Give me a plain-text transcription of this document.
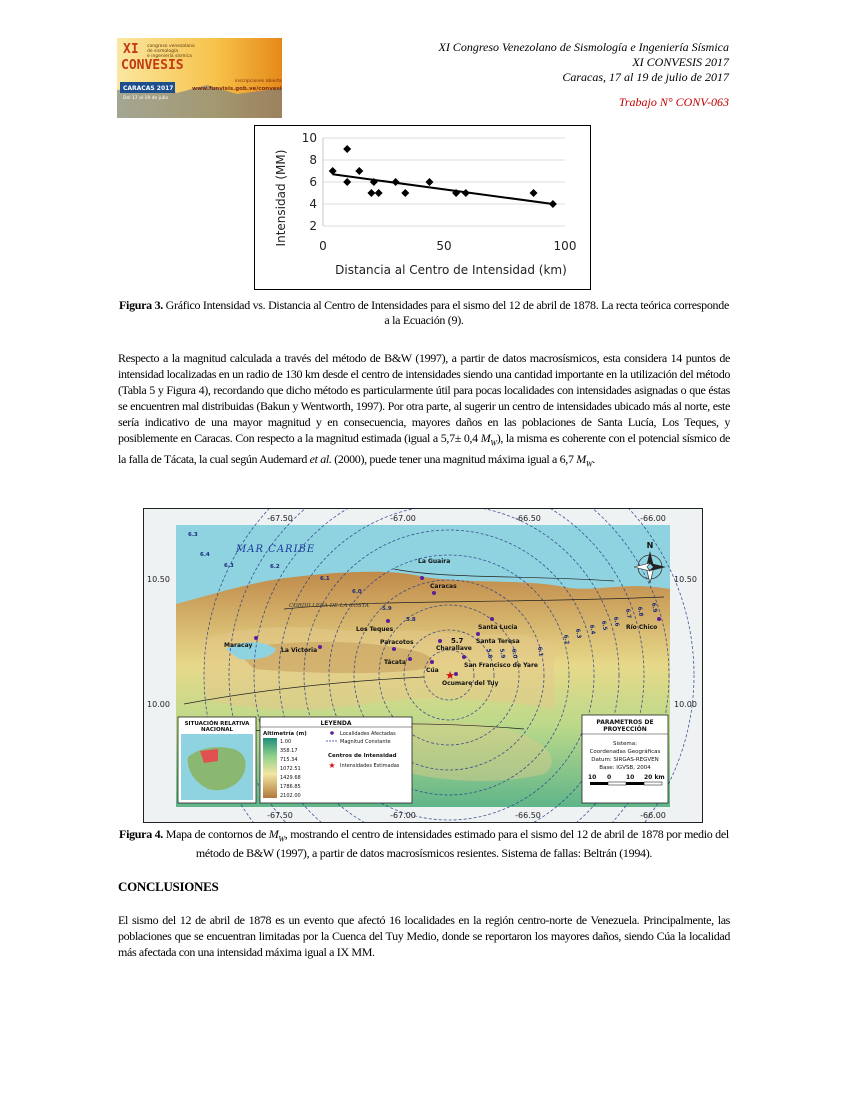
XI
CONVESIS
congreso venezolano
de sismología
e ingeniería sísmica
CARACAS 2017
Del 17 al 19 de julio
inscripciones abiertas
www.funvisis.gob.ve/convesis
XI Congreso Venezolano de Sismología e Ingeniería Sísmica
XI CONVESIS 2017
Caracas, 17 al 19 de julio de 2017
Trabajo N° CONV-063
2
4
6
8
10
0	50	100
Intensidad (MM)
Distancia al Centro de Intensidad (km)
Figura 3. Gráfico Intensidad vs. Distancia al Centro de Intensidades para el sismo del 12 de abril de 1878. La recta teórica corresponde a la Ecuación (9).
Respecto a la magnitud calculada a través del método de B&W (1997), a partir de datos macrosísmicos, esta considera 14 puntos de intensidad localizadas en un radio de 130 km desde el centro de intensidades siendo una cantidad importante en la utilización del método (Tabla 5 y Figura 4), recordando que dicho método es particularmente útil para pocas localidades con intensidades asignadas o que éstas se encuentren mal distribuidas (Bakun y Wentworth, 1997). Por otra parte, al sugerir un centro de intensidades ubicado más al norte, este sería indicativo de una mayor magnitud y en consecuencia, mayores daños en las poblaciones de Santa Lucía, Los Teques, y posiblemente en Caracas. Con respecto a la magnitud estimada (igual a 5,7± 0,4 $M_W$), la misma es coherente con el potencial sísmico de la falla de Tácata, la cual según Audemard et al. (2000), puede tener una magnitud máxima igual a 6,7 $M_W$.
-67.50	-67.00	-66.50	-66.00
-67.50	-67.00	-66.50	-66.00
10.50
10.00
10.50
10.00
MAR CARIBE
CORDILLERA DE LA COSTA
La Guaira
Caracas
Los Teques	Santa Lucía	Río Chico
Maracay
La Victoria
Paracotos
Charallave
Santa Teresa
Tácata
Cúa
San Francisco de Yare
Ocumare del Tuy
5.7
★
6.3
6.4
6.3	6.2
6.1
6.0
5.9
5.8
6.0
5.9
5.8	6.1
6.2
6.3 6.4 6.5 6.6
6.7 6.8 6.9
N
SITUACIÓN RELATIVA
NACIONAL
LEYENDA
Altimetría (m)
1.00
358.17
715.34
1072.51
1429.68
1786.85
2102.00
Localidades Afectadas
Magnitud Constante
Centros de Intensidad
★ Intensidades Estimadas
PARAMETROS DE
PROYECCIÓN
Sistema:
Coordenadas Geográficas
Datum: SIRGAS-REGVEN
Base: IGVSB, 2004
10 0 10 20 km
Figura 4. Mapa de contornos de $M_W$, mostrando el centro de intensidades estimado para el sismo del 12 de abril de 1878 por medio del método de B&W (1997), a partir de datos macrosísmicos resientes. Sistema de fallas: Beltrán (1994).
CONCLUSIONES
El sismo del 12 de abril de 1878 es un evento que afectó 16 localidades en la región centro-norte de Venezuela. Principalmente, las poblaciones que se encuentran limitadas por la Cuenca del Tuy Medio, donde se reportaron los mayores daños, siendo Cúa la localidad más afectada con una intensidad máxima igual a IX MM.
